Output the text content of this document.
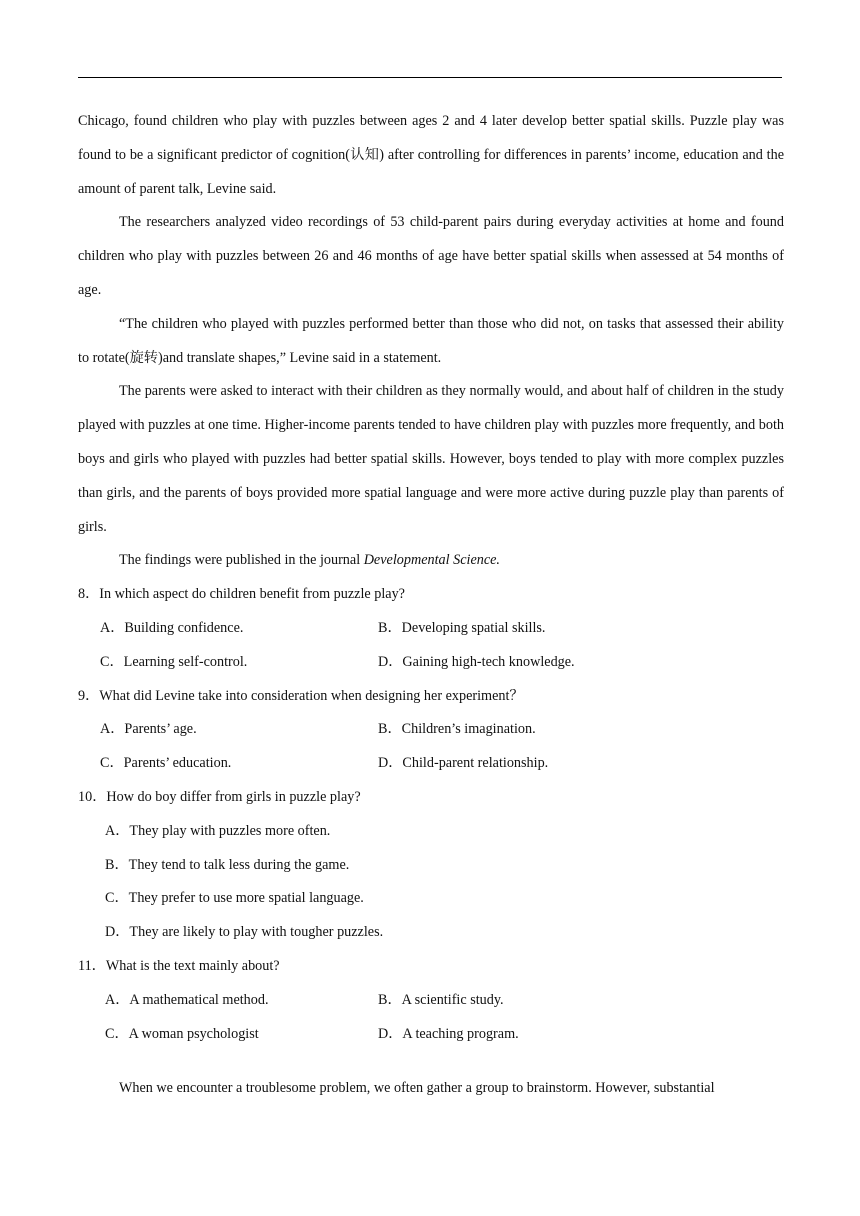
Chicago, found children who play with puzzles between ages 2 and 4 later develop better spatial skills. Puzzle play was found to be a significant predictor of cognition(认知) after controlling for differences in parents’ income, education and the amount of parent talk, Levine said.

The researchers analyzed video recordings of 53 child-parent pairs during everyday activities at home and found children who play with puzzles between 26 and 46 months of age have better spatial skills when assessed at 54 months of age.

“The children who played with puzzles performed better than those who did not, on tasks that assessed their ability to rotate(旋转)and translate shapes,” Levine said in a statement.

The parents were asked to interact with their children as they normally would, and about half of children in the study played with puzzles at one time. Higher-income parents tended to have children play with puzzles more frequently, and both boys and girls who played with puzzles had better spatial skills. However, boys tended to play with more complex puzzles than girls, and the parents of boys provided more spatial language and were more active during puzzle play than parents of girls.

The findings were published in the journal Developmental Science.

8．In which aspect do children benefit from puzzle play?
A．Building confidence.	B．Developing spatial skills.
C．Learning self-control.	D．Gaining high-tech knowledge.
9．What did Levine take into consideration when designing her experiment？
A．Parents’ age.	B．Children’s imagination.
C．Parents’ education.	D．Child-parent relationship.
10．How do boy differ from girls in puzzle play?
A．They play with puzzles more often.
B．They tend to talk less during the game.
C．They prefer to use more spatial language.
D．They are likely to play with tougher puzzles.
11．What is the text mainly about?
A．A mathematical method.	B．A scientific study.
C．A woman psychologist	D．A teaching program.

When we encounter a troublesome problem, we often gather a group to brainstorm. However, substantial
